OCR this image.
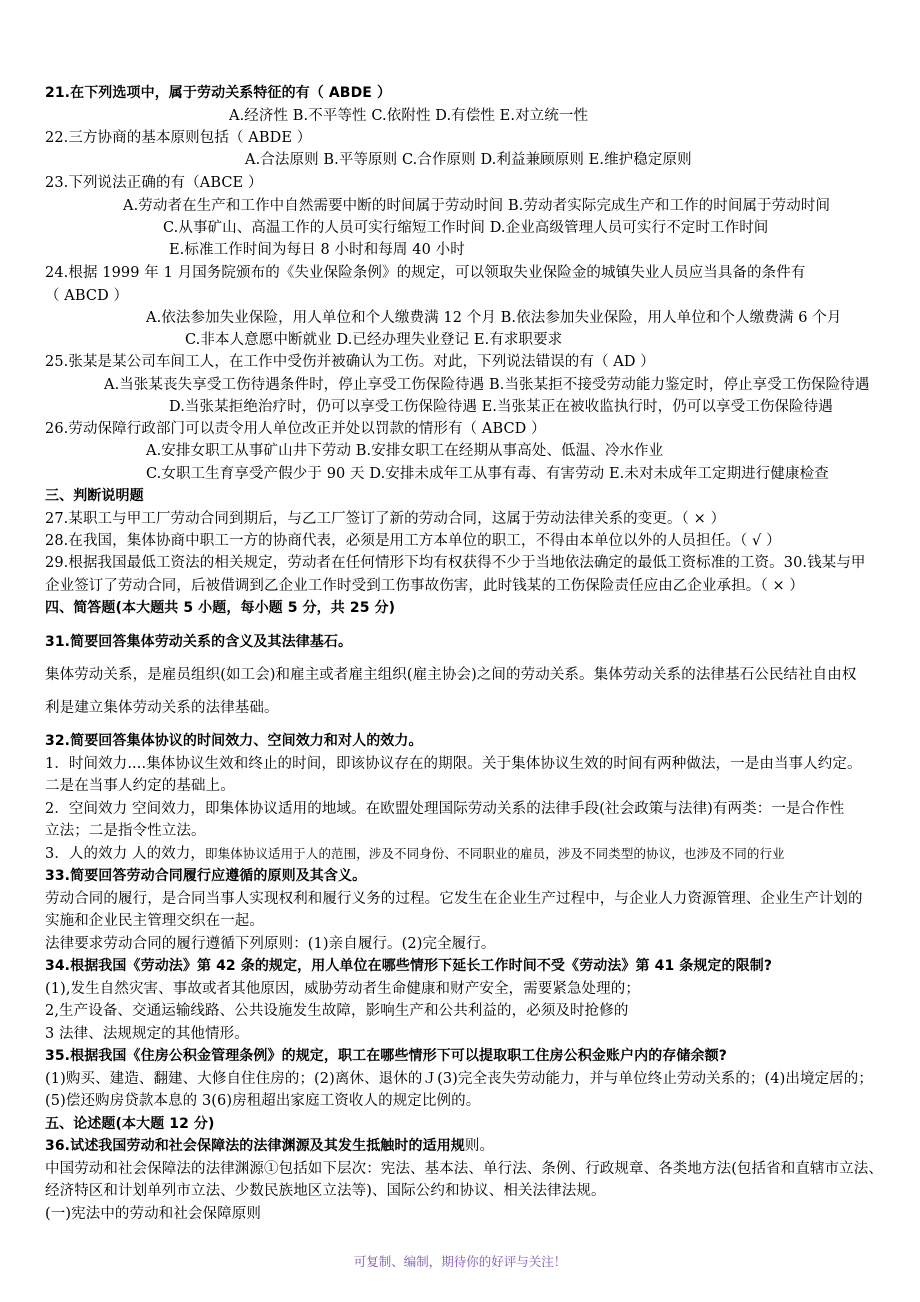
21.在下列选项中，属于劳动关系特征的有（ ABDE ）
A.经济性 B.不平等性 C.依附性 D.有偿性 E.对立统一性
22.三方协商的基本原则包括（ ABDE ）
A.合法原则 B.平等原则 C.合作原则 D.利益兼顾原则 E.维护稳定原则
23.下列说法正确的有（ABCE ）
A.劳动者在生产和工作中自然需要中断的时间属于劳动时间 B.劳动者实际完成生产和工作的时间属于劳动时间
C.从事矿山、高温工作的人员可实行缩短工作时间 D.企业高级管理人员可实行不定时工作时间
E.标准工作时间为每日 8 小时和每周 40 小时
24.根据 1999 年 1 月国务院颁布的《失业保险条例》的规定，可以领取失业保险金的城镇失业人员应当具备的条件有
（ ABCD ）
A.依法参加失业保险，用人单位和个人缴费满 12 个月 B.依法参加失业保险，用人单位和个人缴费满 6 个月
C.非本人意愿中断就业 D.已经办理失业登记 E.有求职要求
25.张某是某公司车间工人，在工作中受伤并被确认为工伤。对此，下列说法错误的有（ AD ）
A.当张某丧失享受工伤待遇条件时，停止享受工伤保险待遇 B.当张某拒不接受劳动能力鉴定时，停止享受工伤保险待遇
D.当张某拒绝治疗时，仍可以享受工伤保险待遇 E.当张某正在被收监执行时，仍可以享受工伤保险待遇
26.劳动保障行政部门可以责令用人单位改正并处以罚款的情形有（ ABCD ）
A.安排女职工从事矿山井下劳动 B.安排女职工在经期从事高处、低温、冷水作业
C.女职工生育享受产假少于 90 天 D.安排未成年工从事有毒、有害劳动 E.未对未成年工定期进行健康检查
三、判断说明题
27.某职工与甲工厂劳动合同到期后，与乙工厂签订了新的劳动合同，这属于劳动法律关系的变更。（ × ）
28.在我国，集体协商中职工一方的协商代表，必须是用工方本单位的职工，不得由本单位以外的人员担任。（ √ ）
29.根据我国最低工资法的相关规定，劳动者在任何情形下均有权获得不少于当地依法确定的最低工资标准的工资。30.钱某与甲
企业签订了劳动合同，后被借调到乙企业工作时受到工伤事故伤害，此时钱某的工伤保险责任应由乙企业承担。（ × ）
四、简答题(本大题共 5 小题，每小题 5 分，共 25 分)
31.简要回答集体劳动关系的含义及其法律基石。
集体劳动关系，是雇员组织(如工会)和雇主或者雇主组织(雇主协会)之间的劳动关系。集体劳动关系的法律基石公民结社自由权
利是建立集体劳动关系的法律基础。
32.简要回答集体协议的时间效力、空间效力和对人的效力。
1．时间效力....集体协议生效和终止的时间，即该协议存在的期限。关于集体协议生效的时间有两种做法，一是由当事人约定。
二是在当事人约定的基础上。
2．空间效力 空间效力，即集体协议适用的地域。在欧盟处理国际劳动关系的法律手段(社会政策与法律)有两类：一是合作性
立法；二是指令性立法。
3．人的效力 人的效力，即集体协议适用于人的范围，涉及不同身份、不同职业的雇员，涉及不同类型的协议，也涉及不同的行业
33.简要回答劳动合同履行应遵循的原则及其含义。
劳动合同的履行，是合同当事人实现权利和履行义务的过程。它发生在企业生产过程中，与企业人力资源管理、企业生产计划的
实施和企业民主管理交织在一起。
法律要求劳动合同的履行遵循下列原则：(1)亲自履行。(2)完全履行。
34.根据我国《劳动法》第 42 条的规定，用人单位在哪些情形下延长工作时间不受《劳动法》第 41 条规定的限制?
(1),发生自然灾害、事故或者其他原因，威胁劳动者生命健康和财产安全，需要紧急处理的；
2,生产设备、交通运输线路、公共设施发生故障，影响生产和公共利益的，必须及时抢修的
3 法律、法规规定的其他情形。
35.根据我国《住房公积金管理条例》的规定，职工在哪些情形下可以提取职工住房公积金账户内的存储余额?
(1)购买、建造、翻建、大修自住住房的；(2)离休、退休的Ｊ(3)完全丧失劳动能力，并与单位终止劳动关系的；(4)出境定居的；
(5)偿还购房贷款本息的 3(6)房租超出家庭工资收人的规定比例的。
五、论述题(本大题 12 分)
36.试述我国劳动和社会保障法的法律渊源及其发生抵触时的适用规则。
中国劳动和社会保障法的法律渊源①包括如下层次：宪法、基本法、单行法、条例、行政规章、各类地方法(包括省和直辖市立法、
经济特区和计划单列市立法、少数民族地区立法等)、国际公约和协议、相关法律法规。
(一)宪法中的劳动和社会保障原则
可复制、编制，期待你的好评与关注！
